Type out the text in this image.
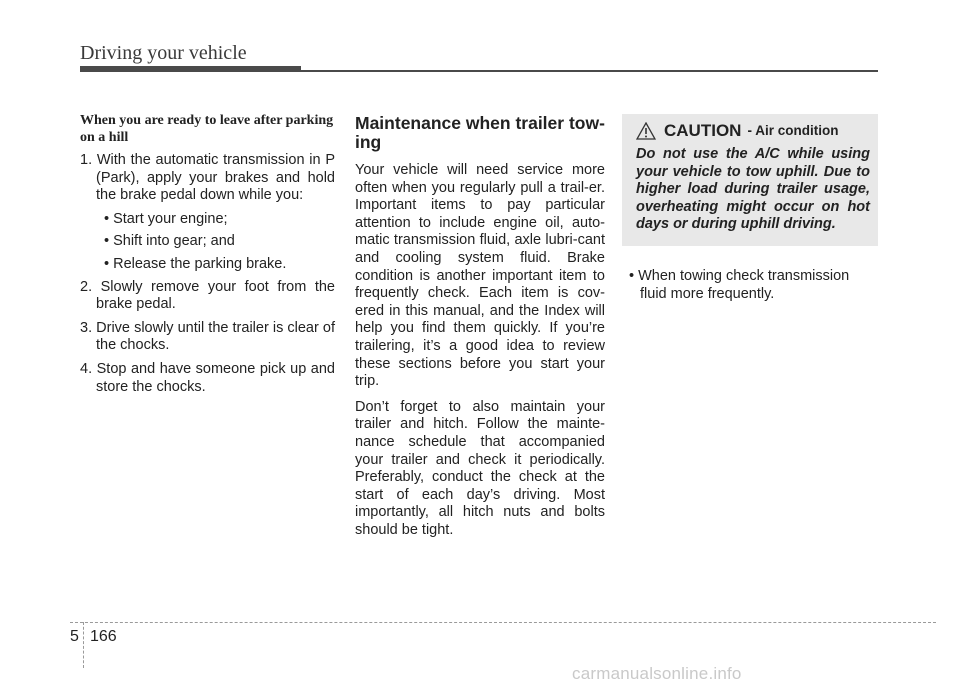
Driving your vehicle
When you are ready to leave after parking on a hill
1. With the automatic transmission in P (Park), apply your brakes and hold the brake pedal down while you:
• Start your engine;
• Shift into gear; and
• Release the parking brake.
2. Slowly remove your foot from the brake pedal.
3. Drive slowly until the trailer is clear of the chocks.
4. Stop and have someone pick up and store the chocks.
Maintenance when trailer tow-ing
Your vehicle will need service more often when you regularly pull a trail-er. Important items to pay particular attention to include engine oil, auto-matic transmission fluid, axle lubri-cant and cooling system fluid. Brake condition is another important item to frequently check. Each item is cov-ered in this manual, and the Index will help you find them quickly. If you’re trailering, it’s a good idea to review these sections before you start your trip.
Don’t forget to also maintain your trailer and hitch. Follow the mainte-nance schedule that accompanied your trailer and check it periodically. Preferably, conduct the check at the start of each day’s driving. Most importantly, all hitch nuts and bolts should be tight.
CAUTION - Air condition
Do not use the A/C while using your vehicle to tow uphill. Due to higher load during trailer usage, overheating might occur on hot days or during uphill driving.
• When towing check transmission fluid more frequently.
5 166
carmanualsonline.info
